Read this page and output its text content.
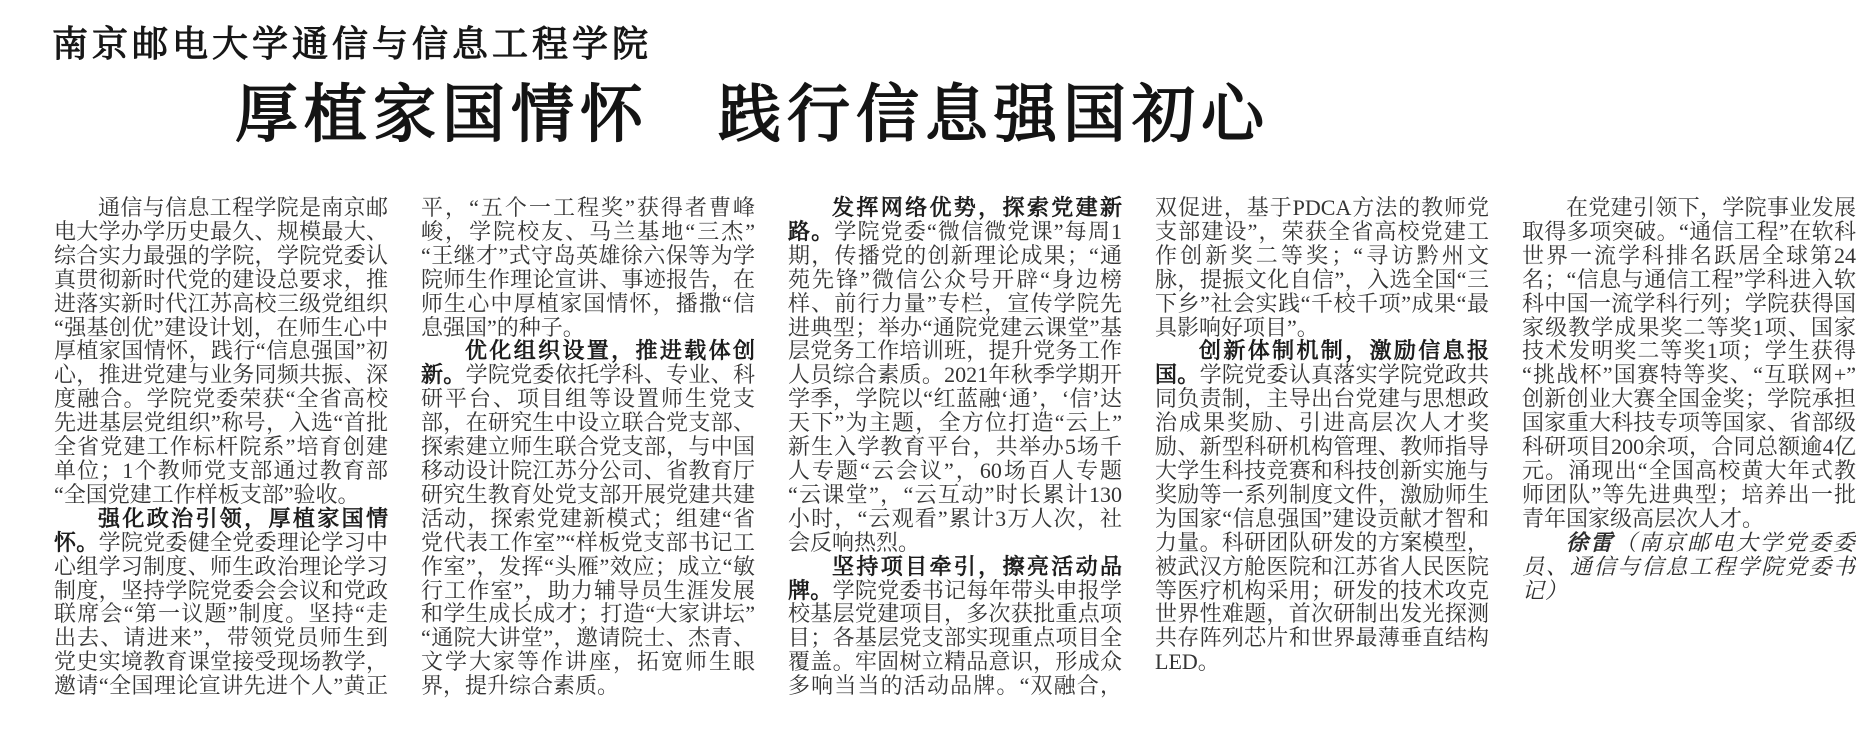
南京邮电大学通信与信息工程学院
厚植家国情怀　践行信息强国初心

通信与信息工程学院是南京邮电大学办学历史最久、规模最大、综合实力最强的学院，学院党委认真贯彻新时代党的建设总要求，推进落实新时代江苏高校三级党组织“强基创优”建设计划，在师生心中厚植家国情怀，践行“信息强国”初心，推进党建与业务同频共振、深度融合。学院党委荣获“全省高校先进基层党组织”称号，入选“首批全省党建工作标杆院系”培育创建单位；1个教师党支部通过教育部“全国党建工作样板支部”验收。

强化政治引领，厚植家国情怀。学院党委健全党委理论学习中心组学习制度、师生政治理论学习制度，坚持学院党委会会议和党政联席会“第一议题”制度。坚持“走出去、请进来”，带领党员师生到党史实境教育课堂接受现场教学，邀请“全国理论宣讲先进个人”黄正平，“五个一工程奖”获得者曹峰峻，学院校友、马兰基地“三杰”“王继才”式守岛英雄徐六保等为学院师生作理论宣讲、事迹报告，在师生心中厚植家国情怀，播撒“信息强国”的种子。

优化组织设置，推进载体创新。学院党委依托学科、专业、科研平台、项目组等设置师生党支部，在研究生中设立联合党支部、探索建立师生联合党支部，与中国移动设计院江苏分公司、省教育厅研究生教育处党支部开展党建共建活动，探索党建新模式；组建“省党代表工作室”“样板党支部书记工作室”，发挥“头雁”效应；成立“敏行工作室”，助力辅导员生涯发展和学生成长成才；打造“大家讲坛”“通院大讲堂”，邀请院士、杰青、文学大家等作讲座，拓宽师生眼界，提升综合素质。

发挥网络优势，探索党建新路。学院党委“微信微党课”每周1期，传播党的创新理论成果；“通苑先锋”微信公众号开辟“身边榜样、前行力量”专栏，宣传学院先进典型；举办“通院党建云课堂”基层党务工作培训班，提升党务工作人员综合素质。2021年秋季学期开学季，学院以“红蓝融‘通’，‘信’达天下”为主题，全方位打造“云上”新生入学教育平台，共举办5场千人专题“云会议”，60场百人专题“云课堂”，“云互动”时长累计130小时，“云观看”累计3万人次，社会反响热烈。

坚持项目牵引，擦亮活动品牌。学院党委书记每年带头申报学校基层党建项目，多次获批重点项目；各基层党支部实现重点项目全覆盖。牢固树立精品意识，形成众多响当当的活动品牌。“双融合，双促进，基于PDCA方法的教师党支部建设”，荣获全省高校党建工作创新奖二等奖；“寻访黔州文脉，提振文化自信”，入选全国“三下乡”社会实践“千校千项”成果“最具影响好项目”。

创新体制机制，激励信息报国。学院党委认真落实学院党政共同负责制，主导出台党建与思想政治成果奖励、引进高层次人才奖励、新型科研机构管理、教师指导大学生科技竞赛和科技创新实施与奖励等一系列制度文件，激励师生为国家“信息强国”建设贡献才智和力量。科研团队研发的方案模型，被武汉方舱医院和江苏省人民医院等医疗机构采用；研发的技术攻克世界性难题，首次研制出发光探测共存阵列芯片和世界最薄垂直结构LED。

在党建引领下，学院事业发展取得多项突破。“通信工程”在软科世界一流学科排名跃居全球第24名；“信息与通信工程”学科进入软科中国一流学科行列；学院获得国家级教学成果奖二等奖1项、国家技术发明奖二等奖1项；学生获得“挑战杯”国赛特等奖、“互联网+”创新创业大赛全国金奖；学院承担国家重大科技专项等国家、省部级科研项目200余项，合同总额逾4亿元。涌现出“全国高校黄大年式教师团队”等先进典型；培养出一批青年国家级高层次人才。

徐雷（南京邮电大学党委委员、通信与信息工程学院党委书记）
